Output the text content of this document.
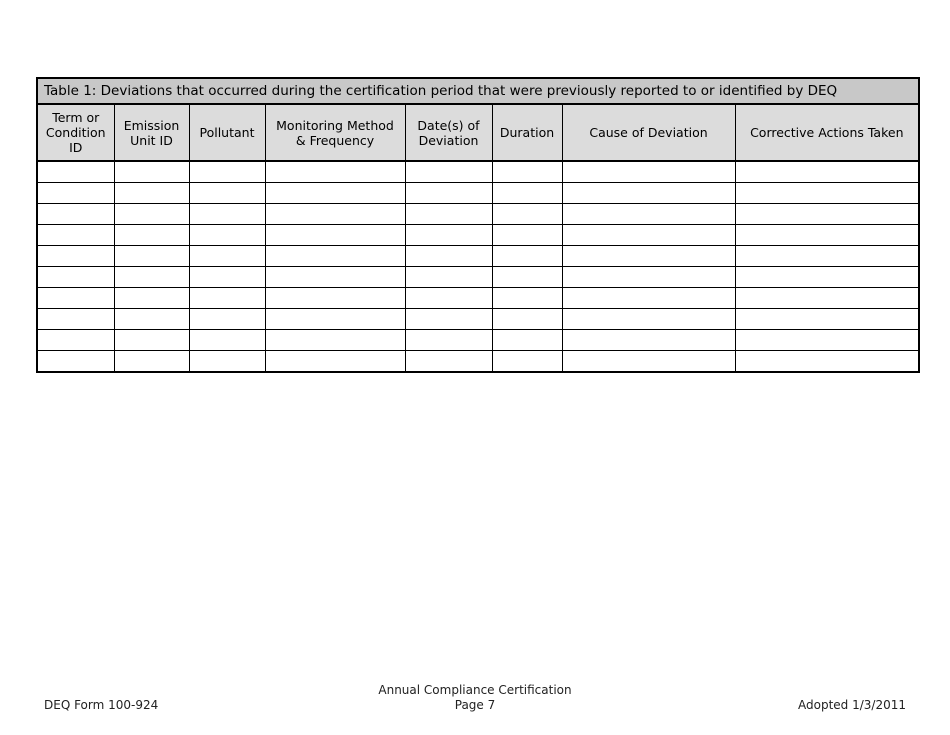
Table 1: Deviations that occurred during the certification period that were previously reported to or identified by DEQ							
Term or Condition ID	Emission Unit ID	Pollutant	Monitoring Method & Frequency	Date(s) of Deviation	Duration	Cause of Deviation	Corrective Actions Taken

DEQ Form 100-924
Annual Compliance Certification
Page 7	Adopted 1/3/2011
